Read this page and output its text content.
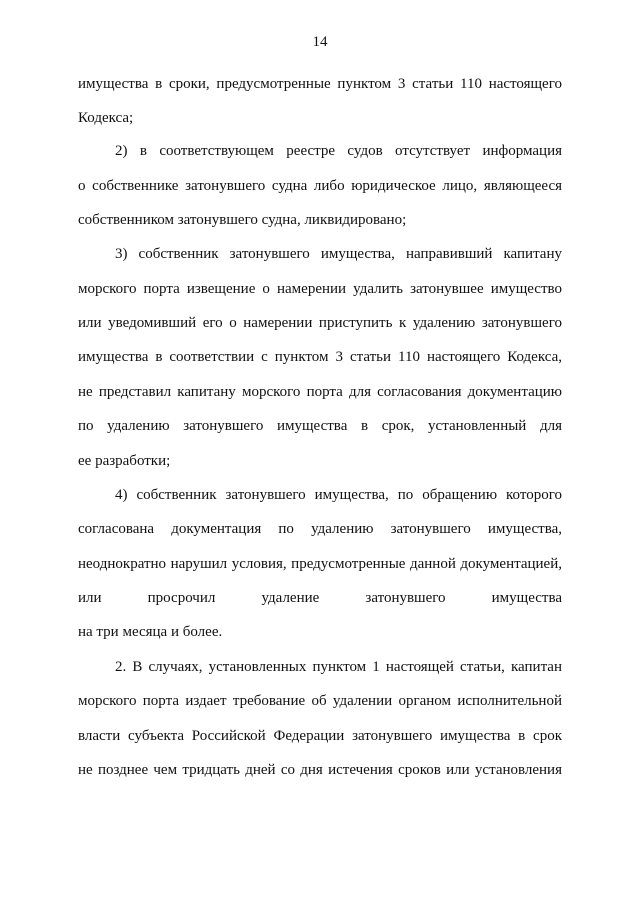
14
имущества в сроки, предусмотренные пунктом 3 статьи 110 настоящего
Кодекса;
2) в соответствующем реестре судов отсутствует информация
о собственнике затонувшего судна либо юридическое лицо, являющееся
собственником затонувшего судна, ликвидировано;
3) собственник затонувшего имущества, направивший капитану
морского порта извещение о намерении удалить затонувшее имущество
или уведомивший его о намерении приступить к удалению затонувшего
имущества в соответствии с пунктом 3 статьи 110 настоящего Кодекса,
не представил капитану морского порта для согласования документацию
по удалению затонувшего имущества в срок, установленный для
ее разработки;
4) собственник затонувшего имущества, по обращению которого
согласована документация по удалению затонувшего имущества,
неоднократно нарушил условия, предусмотренные данной документацией,
или просрочил удаление затонувшего имущества
на три месяца и более.
2. В случаях, установленных пунктом 1 настоящей статьи, капитан
морского порта издает требование об удалении органом исполнительной
власти субъекта Российской Федерации затонувшего имущества в срок
не позднее чем тридцать дней со дня истечения сроков или установления
